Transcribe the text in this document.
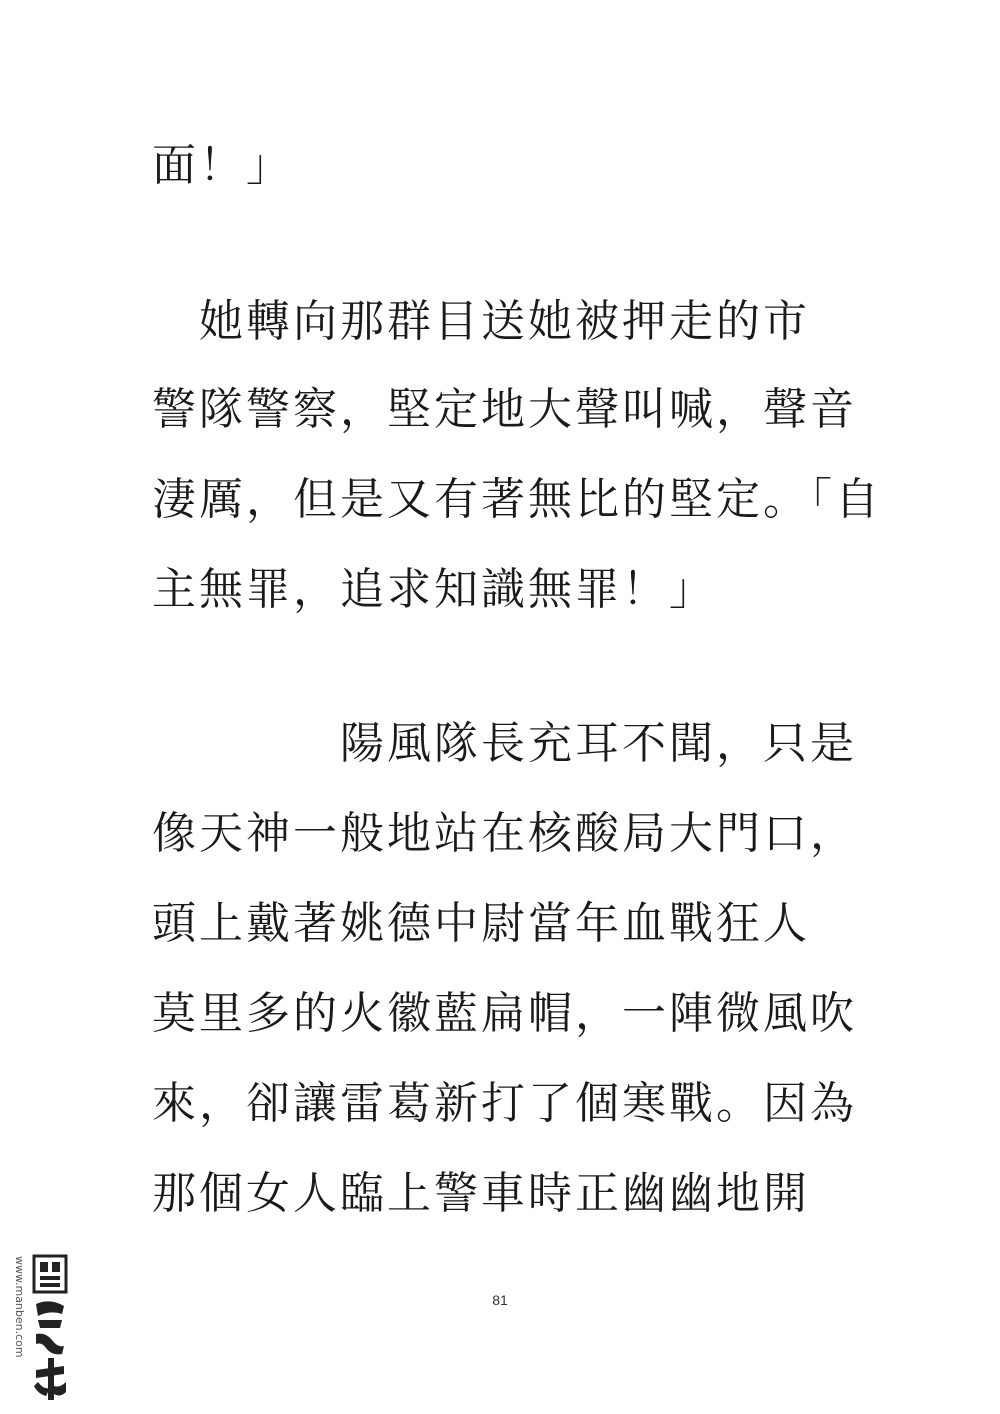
面！」
　她轉向那群目送她被押走的市
警隊警察，堅定地大聲叫喊，聲音
淒厲，但是又有著無比的堅定。「自
主無罪，追求知識無罪！」
　　　　陽風隊長充耳不聞，只是
像天神一般地站在核酸局大門口，
頭上戴著姚德中尉當年血戰狂人
莫里多的火徽藍扁帽，一陣微風吹
來，卻讓雷葛新打了個寒戰。因為
那個女人臨上警車時正幽幽地開
81
www.manben.com
